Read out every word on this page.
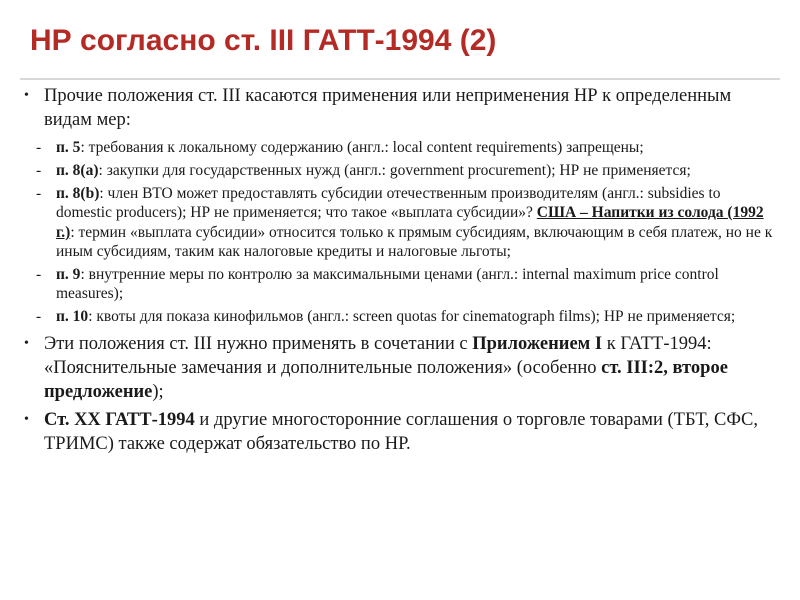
НР согласно ст. III ГАТТ-1994 (2)
• Прочие положения ст. III касаются применения или неприменения НР к определенным видам мер:
- п. 5: требования к локальному содержанию (англ.: local content requirements) запрещены;
- п. 8(a): закупки для государственных нужд (англ.: government procurement); НР не применяется;
- п. 8(b): член ВТО может предоставлять субсидии отечественным производителям (англ.: subsidies to domestic producers); НР не применяется; что такое «выплата субсидии»? США – Напитки из солода (1992 г.): термин «выплата субсидии» относится только к прямым субсидиям, включающим в себя платеж, но не к иным субсидиям, таким как налоговые кредиты и налоговые льготы;
- п. 9: внутренние меры по контролю за максимальными ценами (англ.: internal maximum price control measures);
- п. 10: квоты для показа кинофильмов (англ.: screen quotas for cinematograph films); НР не применяется;
• Эти положения ст. III нужно применять в сочетании с Приложением I к ГАТТ-1994: «Пояснительные замечания и дополнительные положения» (особенно ст. III:2, второе предложение);
• Ст. XX ГАТТ-1994 и другие многосторонние соглашения о торговле товарами (ТБТ, СФС, ТРИМС) также содержат обязательство по НР.
